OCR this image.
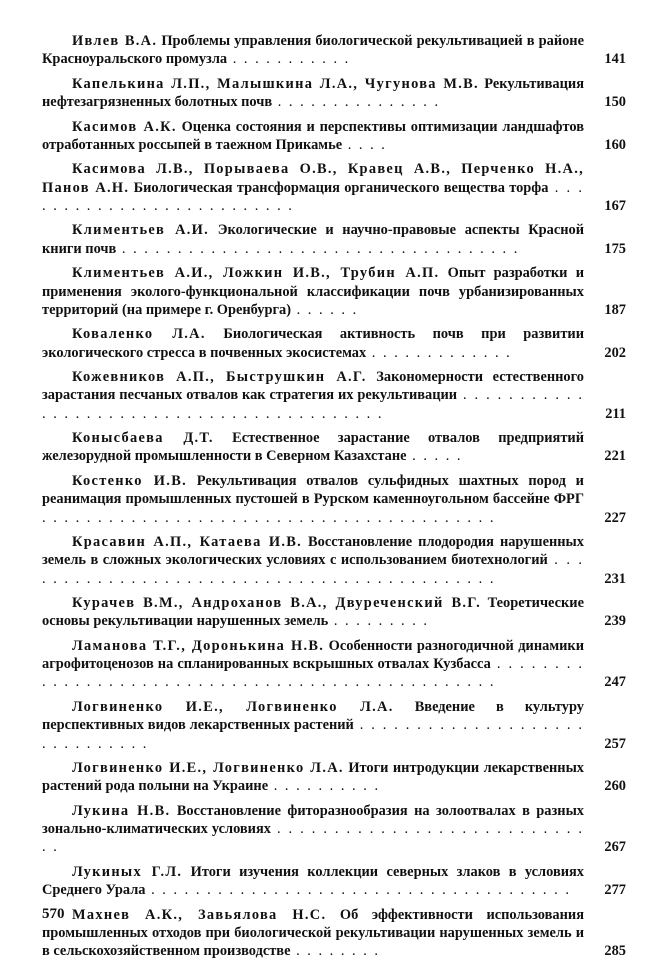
Ивлев В.А. Проблемы управления биологической рекультивацией в районе Красноуральского промузла . . . . . . . . . . .	141

Капелькина Л.П., Малышкина Л.А., Чугунова М.В. Рекультивация нефтезагрязненных болотных почв . . . . . . . . . . . . . . .	150

Касимов А.К. Оценка состояния и перспективы оптимизации ландшафтов отработанных россыпей в таежном Прикамье . . . .	160

Касимова Л.В., Порываева О.В., Кравец А.В., Перченко Н.А., Панов А.Н. Биологическая трансформация органического вещества торфа . . . . . . . . . . . . . . . . . . . . . . . . . .	167

Климентьев А.И. Экологические и научно-правовые аспекты Красной книги почв . . . . . . . . . . . . . . . . . . . . . . . . . . . . . . . . . . . .	175

Климентьев А.И., Ложкин И.В., Трубин А.П. Опыт разработки и применения эколого-функциональной классификации почв урбанизированных территорий (на примере г. Оренбурга) . . . . . .	187

Коваленко Л.А. Биологическая активность почв при развитии экологического стресса в почвенных экосистемах . . . . . . . . . . . . .	202

Кожевников А.П., Быструшкин А.Г. Закономерности естественного зарастания песчаных отвалов как стратегия их рекультивации . . . . . . . . . . . . . . . . . . . . . . . . . . . . . . . . . . . . . . . . . .	211

Конысбаева Д.Т. Естественное зарастание отвалов предприятий железорудной промышленности в Северном Казахстане . . . . .	221

Костенко И.В. Рекультивация отвалов сульфидных шахтных пород и реанимация промышленных пустошей в Рурском каменноугольном бассейне ФРГ . . . . . . . . . . . . . . . . . . . . . . . . . . . . . . . . . . . . . . . . .	227

Красавин А.П., Катаева И.В. Восстановление плодородия нарушенных земель в сложных экологических условиях с использованием биотехнологий . . . . . . . . . . . . . . . . . . . . . . . . . . . . . . . . . . . . . . . . . . . .	231

Курачев В.М., Андроханов В.А., Двуреченский В.Г. Теоретические основы рекультивации нарушенных земель . . . . . . . . .	239

Ламанова Т.Г., Доронькина Н.В. Особенности разногодичной динамики агрофитоценозов на спланированных вскрышных отвалах Кузбасса . . . . . . . . . . . . . . . . . . . . . . . . . . . . . . . . . . . . . . . . . . . . . . . . .	247

Логвиненко И.Е., Логвиненко Л.А. Введение в культуру перспективных видов лекарственных растений . . . . . . . . . . . . . . . . . . . . . . . . . . . . . .	257

Логвиненко И.Е., Логвиненко Л.А. Итоги интродукции лекарственных растений рода полыни на Украине . . . . . . . . . .	260

Лукина Н.В. Восстановление фиторазнообразия на золоотвалах в разных зонально-климатических условиях . . . . . . . . . . . . . . . . . . . . . . . . . . . . .	267

Лукиных Г.Л. Итоги изучения коллекции северных злаков в условиях Среднего Урала . . . . . . . . . . . . . . . . . . . . . . . . . . . . . . . . . . . . . .	277

Махнев А.К., Завьялова Н.С. Об эффективности использования промышленных отходов при биологической рекультивации нарушенных земель и в сельскохозяйственном производстве . . . . . . . .	285
570
